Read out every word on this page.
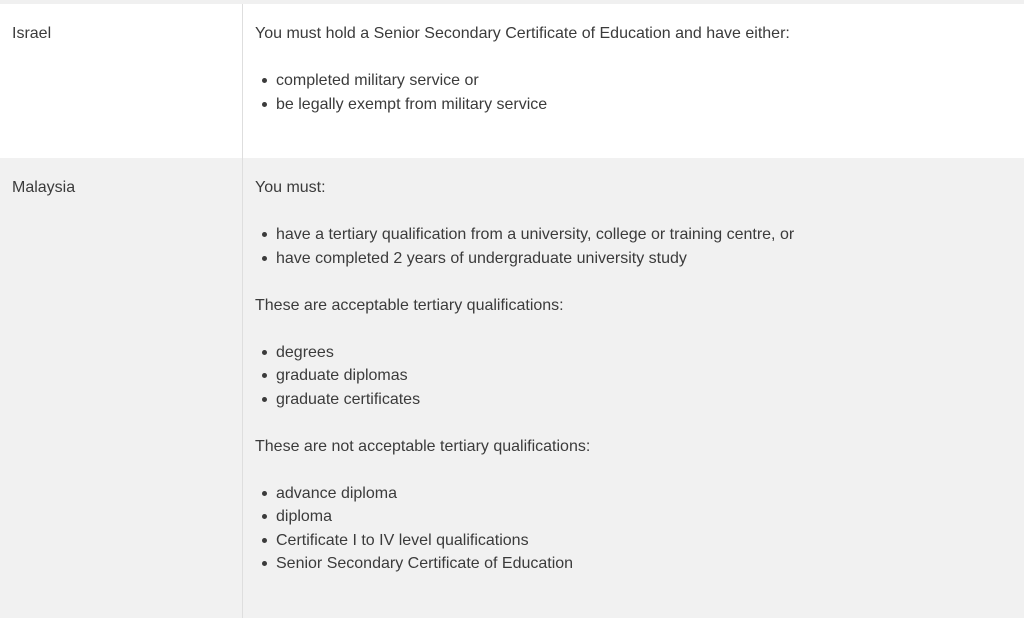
Israel	You must hold a Senior Secondary Certificate of Education and have either:

completed military service or
be legally exempt from military service
Malaysia	You must:

have a tertiary qualification from a university, college or training centre, or
have completed 2 years of undergraduate university study

These are acceptable tertiary qualifications:

degrees
graduate diplomas
graduate certificates

These are not acceptable tertiary qualifications:

advance diploma
diploma
Certificate I to IV level qualifications
Senior Secondary Certificate of Education
